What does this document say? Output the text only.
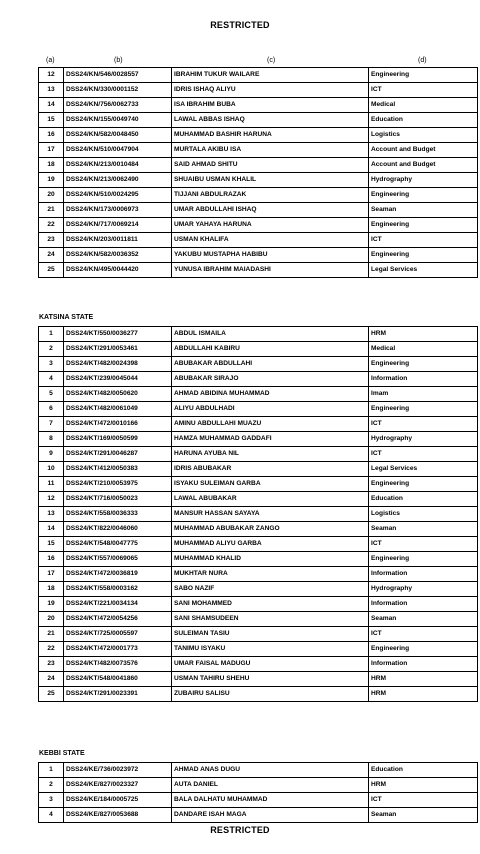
RESTRICTED
(a)	(b)	(c)	(d)
12	DSS24/KN/546/0028557	IBRAHIM TUKUR WAILARE	Engineering
13	DSS24/KN/330/0001152	IDRIS ISHAQ ALIYU	ICT
14	DSS24/KN/756/0062733	ISA IBRAHIM BUBA	Medical
15	DSS24/KN/155/0049740	LAWAL ABBAS ISHAQ	Education
16	DSS24/KN/582/0048450	MUHAMMAD BASHIR HARUNA	Logistics
17	DSS24/KN/510/0047904	MURTALA AKIBU ISA	Account and Budget
18	DSS24/KN/213/0010484	SAID AHMAD SHITU	Account and Budget
19	DSS24/KN/213/0062490	SHUAIBU USMAN KHALIL	Hydrography
20	DSS24/KN/510/0024295	TIJJANI ABDULRAZAK	Engineering
21	DSS24/KN/173/0006973	UMAR ABDULLAHI ISHAQ	Seaman
22	DSS24/KN/717/0069214	UMAR YAHAYA HARUNA	Engineering
23	DSS24/KN/203/0011811	USMAN KHALIFA	ICT
24	DSS24/KN/582/0036352	YAKUBU MUSTAPHA HABIBU	Engineering
25	DSS24/KN/495/0044420	YUNUSA IBRAHIM MAIADASHI	Legal Services
KATSINA STATE
1	DSS24/KT/550/0036277	ABDUL ISMAILA	HRM
2	DSS24/KT/291/0053461	ABDULLAHI KABIRU	Medical
3	DSS24/KT/482/0024398	ABUBAKAR ABDULLAHI	Engineering
4	DSS24/KT/239/0045044	ABUBAKAR SIRAJO	Information
5	DSS24/KT/482/0050620	AHMAD ABIDINA MUHAMMAD	Imam
6	DSS24/KT/482/0061049	ALIYU ABDULHADI	Engineering
7	DSS24/KT/472/0010166	AMINU ABDULLAHI MUAZU	ICT
8	DSS24/KT/169/0050599	HAMZA MUHAMMAD GADDAFI	Hydrography
9	DSS24/KT/291/0046287	HARUNA AYUBA NIL	ICT
10	DSS24/KT/412/0050383	IDRIS ABUBAKAR	Legal Services
11	DSS24/KT/210/0053975	ISYAKU SULEIMAN GARBA	Engineering
12	DSS24/KT/716/0050023	LAWAL ABUBAKAR	Education
13	DSS24/KT/558/0036333	MANSUR HASSAN SAYAYA	Logistics
14	DSS24/KT/822/0046060	MUHAMMAD ABUBAKAR ZANGO	Seaman
15	DSS24/KT/548/0047775	MUHAMMAD ALIYU GARBA	ICT
16	DSS24/KT/557/0069065	MUHAMMAD KHALID	Engineering
17	DSS24/KT/472/0036819	MUKHTAR NURA	Information
18	DSS24/KT/558/0003162	SABO NAZIF	Hydrography
19	DSS24/KT/221/0034134	SANI MOHAMMED	Information
20	DSS24/KT/472/0054256	SANI SHAMSUDEEN	Seaman
21	DSS24/KT/725/0005597	SULEIMAN TASIU	ICT
22	DSS24/KT/472/0001773	TANIMU ISYAKU	Engineering
23	DSS24/KT/482/0073576	UMAR FAISAL MADUGU	Information
24	DSS24/KT/548/0041860	USMAN TAHIRU SHEHU	HRM
25	DSS24/KT/291/0023391	ZUBAIRU SALISU	HRM
KEBBI STATE
1	DSS24/KE/736/0023972	AHMAD ANAS DUGU	Education
2	DSS24/KE/827/0023327	AUTA DANIEL	HRM
3	DSS24/KE/184/0005725	BALA DALHATU MUHAMMAD	ICT
4	DSS24/KE/827/0053688	DANDARE ISAH MAGA	Seaman
RESTRICTED
